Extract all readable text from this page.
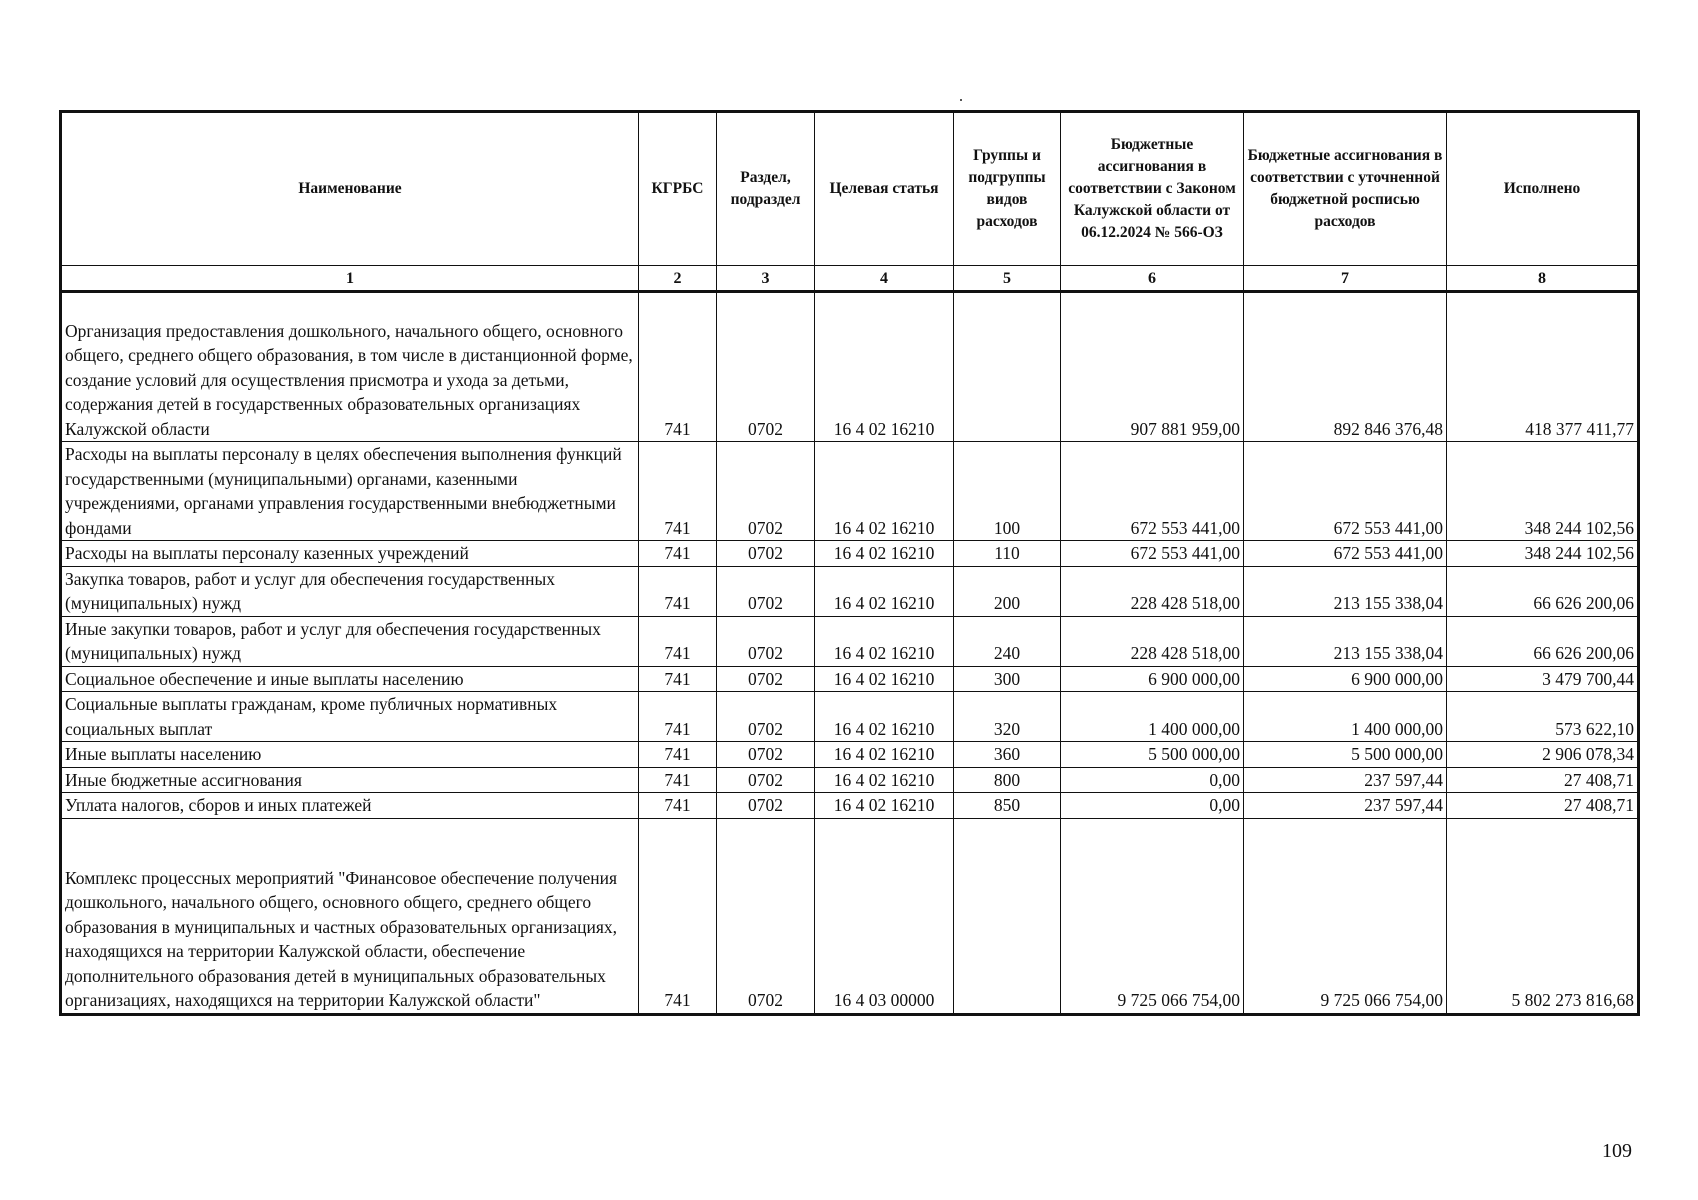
Наименование	КГРБС	Раздел, подраздел	Целевая статья	Группы и подгруппы видов расходов	Бюджетные ассигнования в соответствии с Законом Калужской области от 06.12.2024 № 566-ОЗ	Бюджетные ассигнования в соответствии с уточненной бюджетной росписью расходов	Исполнено
1	2	3	4	5	6	7	8
Организация предоставления дошкольного, начального общего, основного общего, среднего общего образования, в том числе в дистанционной форме, создание условий для осуществления присмотра и ухода за детьми, содержания детей в государственных образовательных организациях Калужской области	741	0702	16 4 02 16210		907 881 959,00	892 846 376,48	418 377 411,77
Расходы на выплаты персоналу в целях обеспечения выполнения функций государственными (муниципальными) органами, казенными учреждениями, органами управления государственными внебюджетными фондами	741	0702	16 4 02 16210	100	672 553 441,00	672 553 441,00	348 244 102,56
Расходы на выплаты персоналу казенных учреждений	741	0702	16 4 02 16210	110	672 553 441,00	672 553 441,00	348 244 102,56
Закупка товаров, работ и услуг для обеспечения государственных (муниципальных) нужд	741	0702	16 4 02 16210	200	228 428 518,00	213 155 338,04	66 626 200,06
Иные закупки товаров, работ и услуг для обеспечения государственных (муниципальных) нужд	741	0702	16 4 02 16210	240	228 428 518,00	213 155 338,04	66 626 200,06
Социальное обеспечение и иные выплаты населению	741	0702	16 4 02 16210	300	6 900 000,00	6 900 000,00	3 479 700,44
Социальные выплаты гражданам, кроме публичных нормативных социальных выплат	741	0702	16 4 02 16210	320	1 400 000,00	1 400 000,00	573 622,10
Иные выплаты населению	741	0702	16 4 02 16210	360	5 500 000,00	5 500 000,00	2 906 078,34
Иные бюджетные ассигнования	741	0702	16 4 02 16210	800	0,00	237 597,44	27 408,71
Уплата налогов, сборов и иных платежей	741	0702	16 4 02 16210	850	0,00	237 597,44	27 408,71
Комплекс процессных мероприятий "Финансовое обеспечение получения дошкольного, начального общего, основного общего, среднего общего образования в муниципальных и частных образовательных организациях, находящихся на территории Калужской области, обеспечение дополнительного образования детей в муниципальных образовательных организациях, находящихся на территории Калужской области"	741	0702	16 4 03 00000		9 725 066 754,00	9 725 066 754,00	5 802 273 816,68
109
